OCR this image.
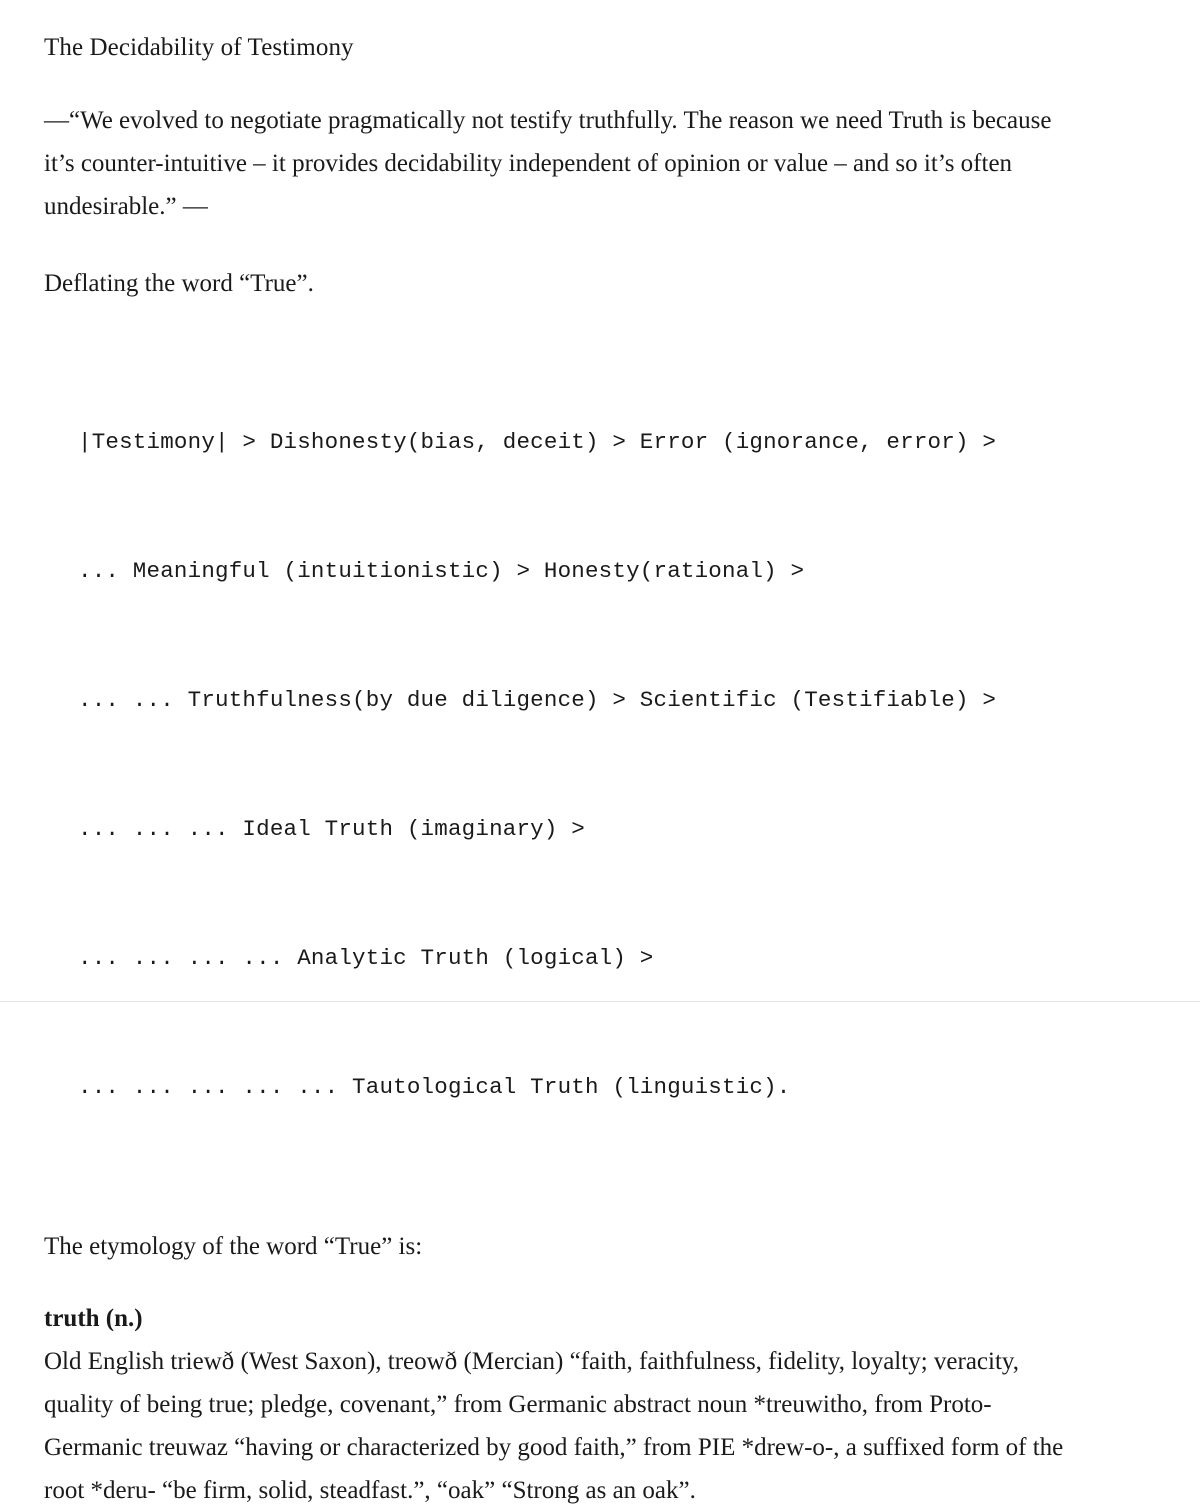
The Decidability of Testimony
—“We evolved to negotiate pragmatically not testify truthfully. The reason we need Truth is because it’s counter-intuitive – it provides decidability independent of opinion or value – and so it’s often undesirable.” —
Deflating the word “True”.

|Testimony| > Dishonesty(bias, deceit) > Error (ignorance, error) >

... Meaningful (intuitionistic) > Honesty(rational) >

... ... Truthfulness(by due diligence) > Scientific (Testifiable) >

... ... ... Ideal Truth (imaginary) >

... ... ... ... Analytic Truth (logical) >

... ... ... ... ... Tautological Truth (linguistic).

The etymology of the word “True” is:
truth (n.)
Old English triewð (West Saxon), treowð (Mercian) “faith, faithfulness, fidelity, loyalty; veracity, quality of being true; pledge, covenant,” from Germanic abstract noun *treuwitho, from Proto-Germanic treuwaz “having or characterized by good faith,” from PIE *drew-o-, a suffixed form of the root *deru- “be firm, solid, steadfast.”, “oak” “Strong as an oak”.
